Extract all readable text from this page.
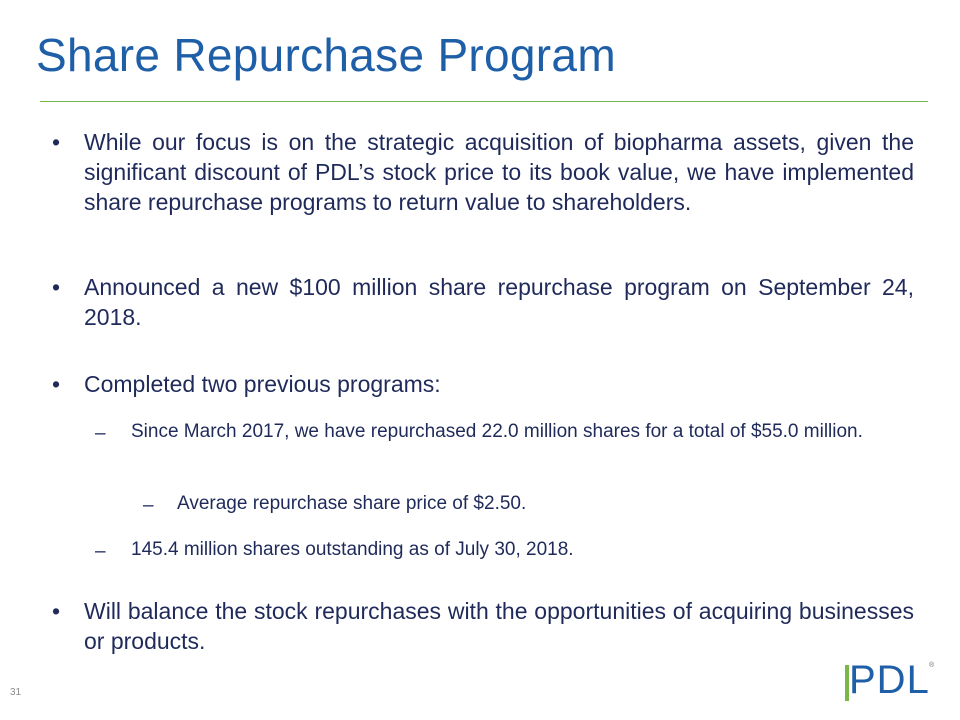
Share Repurchase Program
• While our focus is on the strategic acquisition of biopharma assets, given the significant discount of PDL’s stock price to its book value, we have implemented share repurchase programs to return value to shareholders.
• Announced a new $100 million share repurchase program on September 24, 2018.
• Completed two previous programs:
– Since March 2017, we have repurchased 22.0 million shares for a total of $55.0 million.
– Average repurchase share price of $2.50.
– 145.4 million shares outstanding as of July 30, 2018.
• Will balance the stock repurchases with the opportunities of acquiring businesses or products.
31	PDL ®
